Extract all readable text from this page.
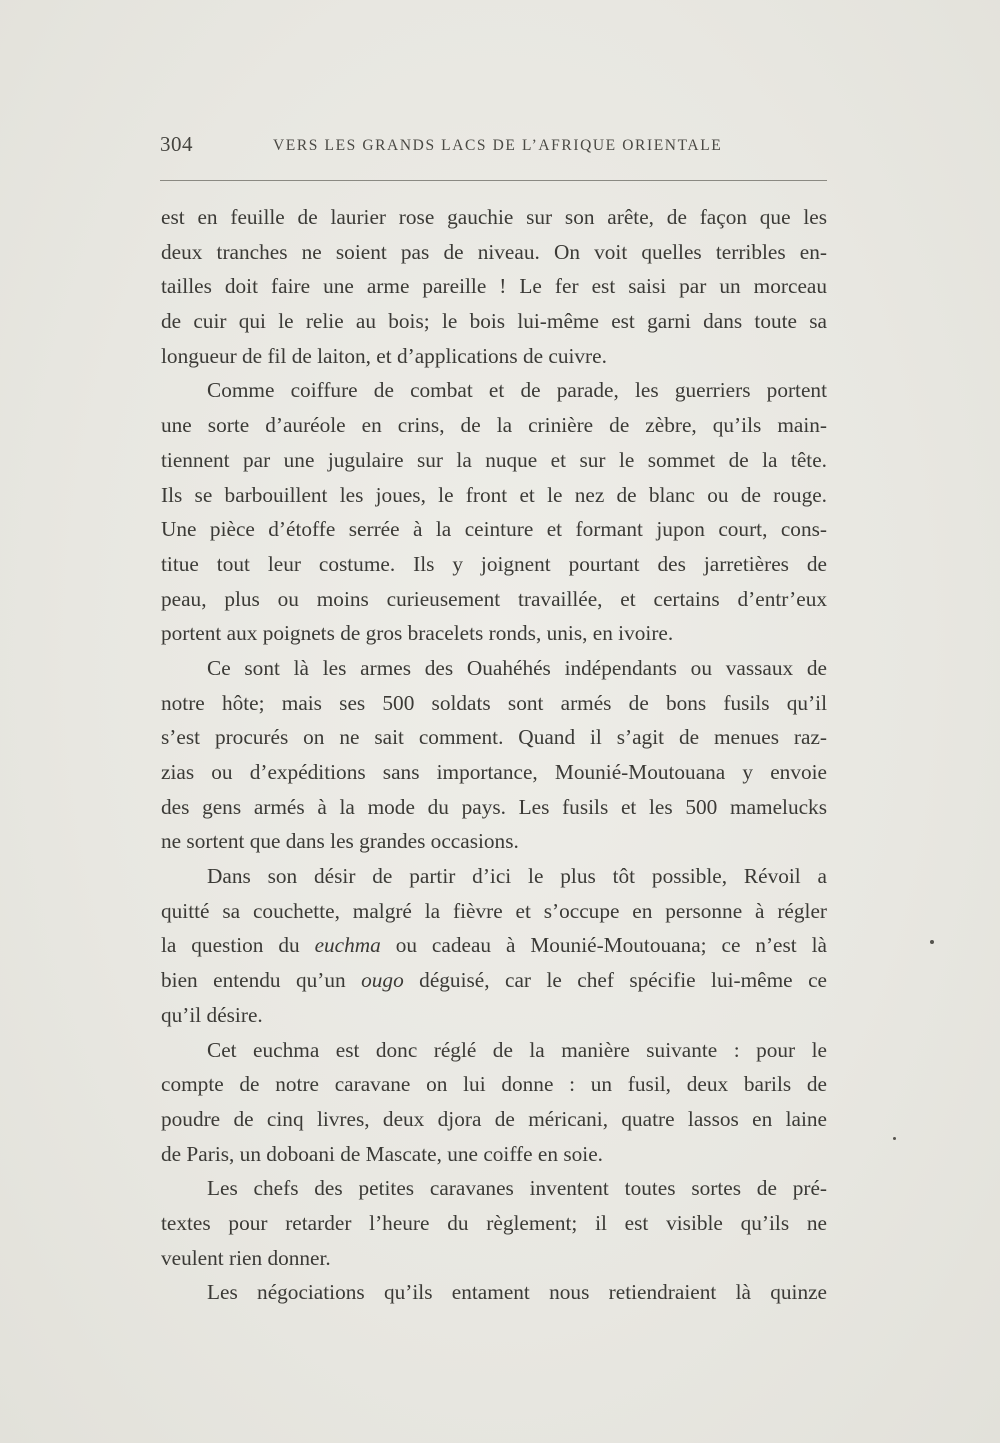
304	VERS LES GRANDS LACS DE L’AFRIQUE ORIENTALE
est en feuille de laurier rose gauchie sur son arête, de façon que les
deux tranches ne soient pas de niveau. On voit quelles terribles en-
tailles doit faire une arme pareille ! Le fer est saisi par un morceau
de cuir qui le relie au bois; le bois lui-même est garni dans toute sa
longueur de fil de laiton, et d’applications de cuivre.
Comme coiffure de combat et de parade, les guerriers portent
une sorte d’auréole en crins, de la crinière de zèbre, qu’ils main-
tiennent par une jugulaire sur la nuque et sur le sommet de la tête.
Ils se barbouillent les joues, le front et le nez de blanc ou de rouge.
Une pièce d’étoffe serrée à la ceinture et formant jupon court, cons-
titue tout leur costume. Ils y joignent pourtant des jarretières de
peau, plus ou moins curieusement travaillée, et certains d’entr’eux
portent aux poignets de gros bracelets ronds, unis, en ivoire.
Ce sont là les armes des Ouahéhés indépendants ou vassaux de
notre hôte; mais ses 500 soldats sont armés de bons fusils qu’il
s’est procurés on ne sait comment. Quand il s’agit de menues raz-
zias ou d’expéditions sans importance, Mounié-Moutouana y envoie
des gens armés à la mode du pays. Les fusils et les 500 mamelucks
ne sortent que dans les grandes occasions.
Dans son désir de partir d’ici le plus tôt possible, Révoil a
quitté sa couchette, malgré la fièvre et s’occupe en personne à régler
la question du euchma ou cadeau à Mounié-Moutouana; ce n’est là
bien entendu qu’un ougo déguisé, car le chef spécifie lui-même ce
qu’il désire.
Cet euchma est donc réglé de la manière suivante : pour le
compte de notre caravane on lui donne : un fusil, deux barils de
poudre de cinq livres, deux djora de méricani, quatre lassos en laine
de Paris, un doboani de Mascate, une coiffe en soie.
Les chefs des petites caravanes inventent toutes sortes de pré-
textes pour retarder l’heure du règlement; il est visible qu’ils ne
veulent rien donner.
Les négociations qu’ils entament nous retiendraient là quinze
